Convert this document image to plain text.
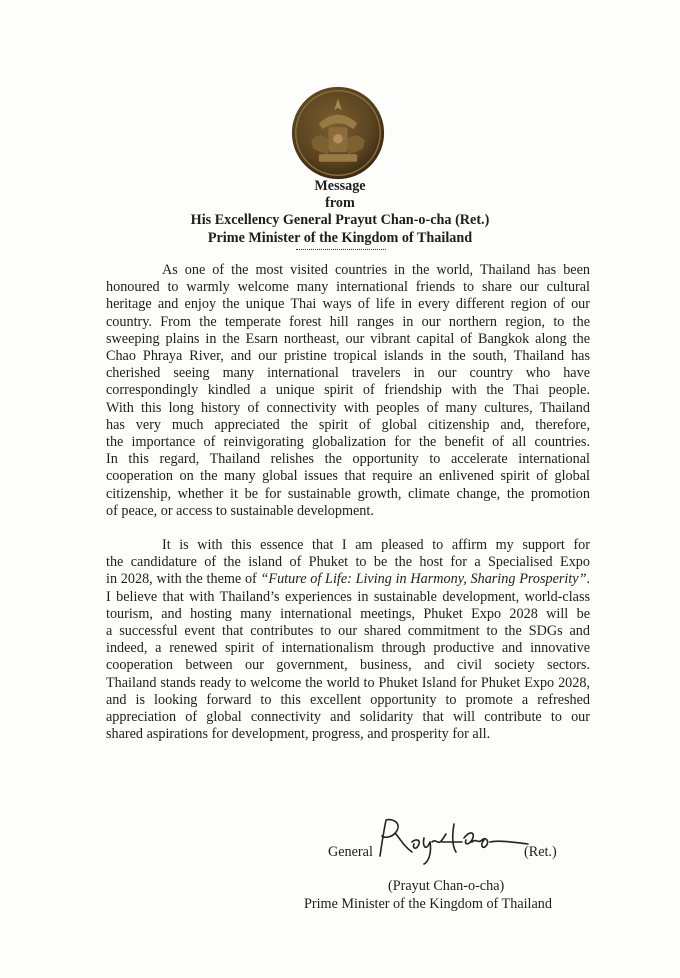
Message
from
His Excellency General Prayut Chan-o-cha (Ret.)
Prime Minister of the Kingdom of Thailand
As one of the most visited countries in the world, Thailand has been
honoured to warmly welcome many international friends to share our cultural
heritage and enjoy the unique Thai ways of life in every different region of our
country. From the temperate forest hill ranges in our northern region, to the
sweeping plains in the Esarn northeast, our vibrant capital of Bangkok along the
Chao Phraya River, and our pristine tropical islands in the south, Thailand has
cherished seeing many international travelers in our country who have
correspondingly kindled a unique spirit of friendship with the Thai people.
With this long history of connectivity with peoples of many cultures, Thailand
has very much appreciated the spirit of global citizenship and, therefore,
the importance of reinvigorating globalization for the benefit of all countries.
In this regard, Thailand relishes the opportunity to accelerate international
cooperation on the many global issues that require an enlivened spirit of global
citizenship, whether it be for sustainable growth, climate change, the promotion
of peace, or access to sustainable development.
It is with this essence that I am pleased to affirm my support for
the candidature of the island of Phuket to be the host for a Specialised Expo
in 2028, with the theme of “Future of Life: Living in Harmony, Sharing Prosperity”.
I believe that with Thailand’s experiences in sustainable development, world-class
tourism, and hosting many international meetings, Phuket Expo 2028 will be
a successful event that contributes to our shared commitment to the SDGs and
indeed, a renewed spirit of internationalism through productive and innovative
cooperation between our government, business, and civil society sectors.
Thailand stands ready to welcome the world to Phuket Island for Phuket Expo 2028,
and is looking forward to this excellent opportunity to promote a refreshed
appreciation of global connectivity and solidarity that will contribute to our
shared aspirations for development, progress, and prosperity for all.
General	(Ret.)
(Prayut Chan-o-cha)
Prime Minister of the Kingdom of Thailand
